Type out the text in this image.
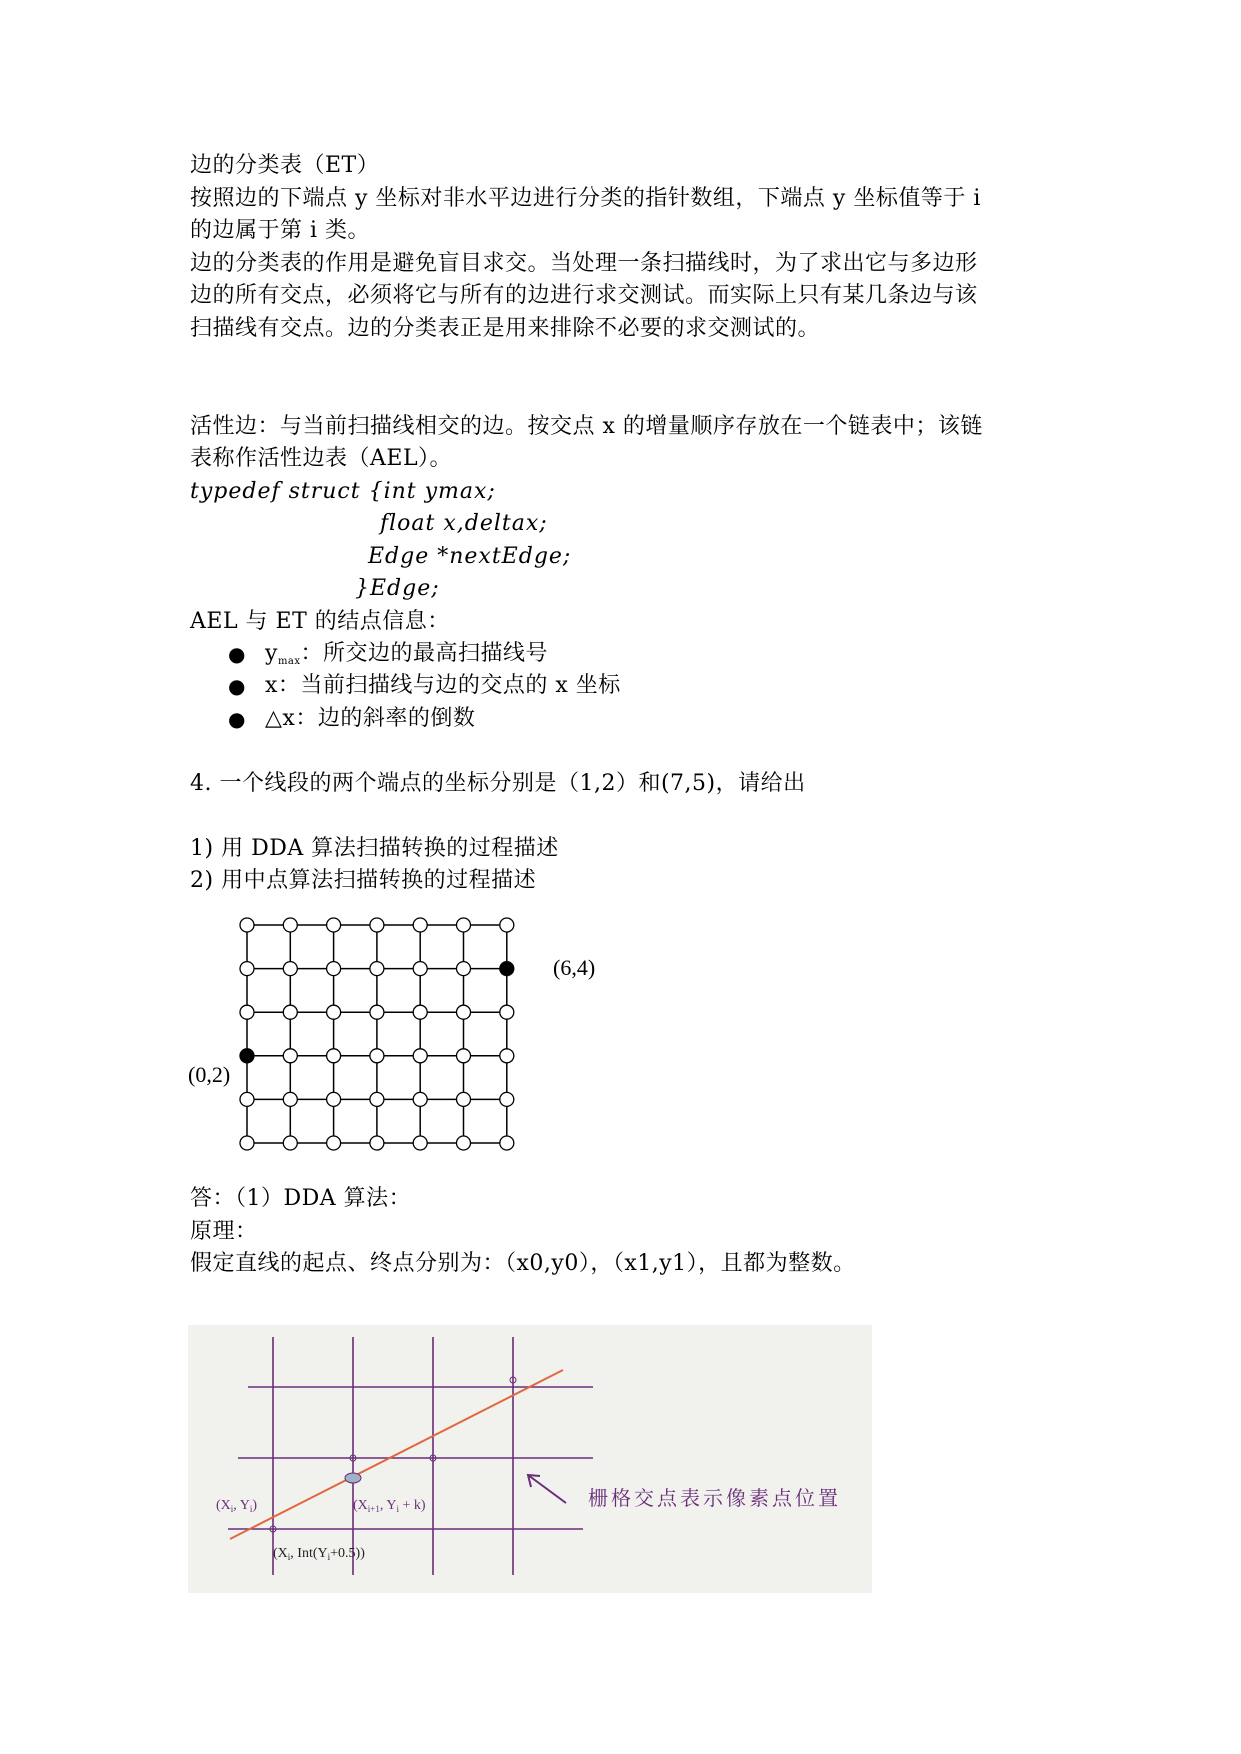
边的分类表（ET）
按照边的下端点 y 坐标对非水平边进行分类的指针数组，下端点 y 坐标值等于 i
的边属于第 i 类。
边的分类表的作用是避免盲目求交。当处理一条扫描线时，为了求出它与多边形
边的所有交点，必须将它与所有的边进行求交测试。而实际上只有某几条边与该
扫描线有交点。边的分类表正是用来排除不必要的求交测试的。
活性边：与当前扫描线相交的边。按交点 x 的增量顺序存放在一个链表中；该链
表称作活性边表（AEL）。
typedef struct {int ymax;
float x,deltax;
Edge *nextEdge;
}Edge;
AEL 与 ET 的结点信息：
● $y_{max}$：所交边的最高扫描线号
● x：当前扫描线与边的交点的 x 坐标
● △x：边的斜率的倒数
4. 一个线段的两个端点的坐标分别是（1,2）和(7,5)，请给出
1) 用 DDA 算法扫描转换的过程描述
2) 用中点算法扫描转换的过程描述
(6,4)
(0,2)
答：（1）DDA 算法：
原理：
假定直线的起点、终点分别为：（x0,y0），（x1,y1），且都为整数。
($X_i$, $Y_i$)	($X_{i+1}$, $Y_i + k$)
($X_i$, $Int(Y_i+0.5)$)
栅格交点表示像素点位置
